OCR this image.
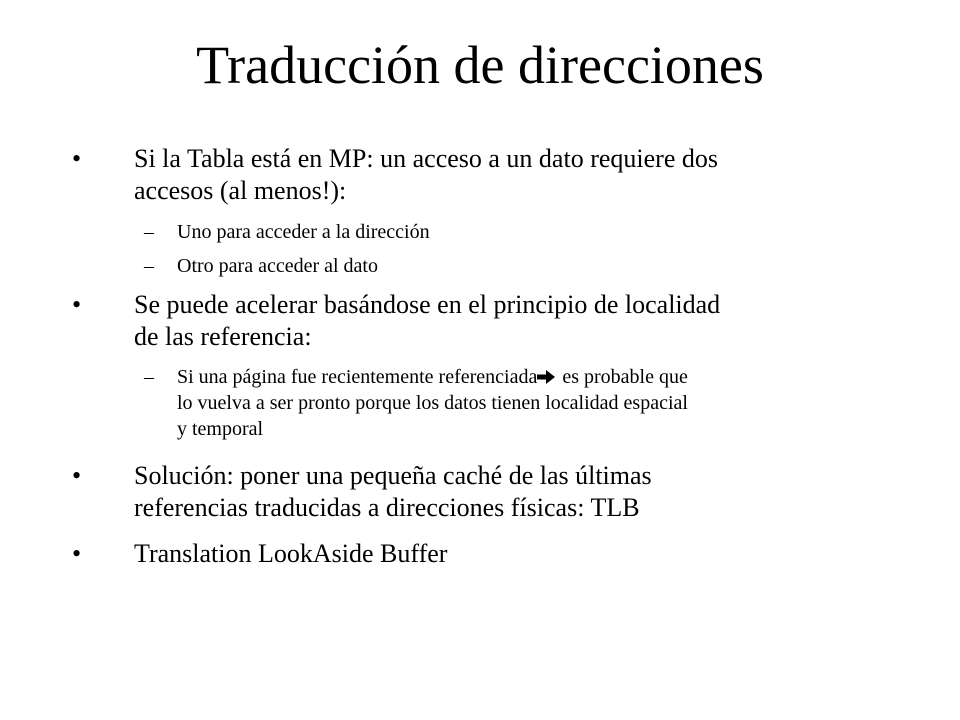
Traducción de direcciones
• Si la Tabla está en MP: un acceso a un dato requiere dos
accesos (al menos!):
– Uno para acceder a la dirección
– Otro para acceder al dato
• Se puede acelerar basándose en el principio de localidad
de las referencia:
– Si una página fue recientemente referenciada es probable que
lo vuelva a ser pronto porque los datos tienen localidad espacial
y temporal
• Solución: poner una pequeña caché de las últimas
referencias traducidas a direcciones físicas: TLB
• Translation LookAside Buffer
